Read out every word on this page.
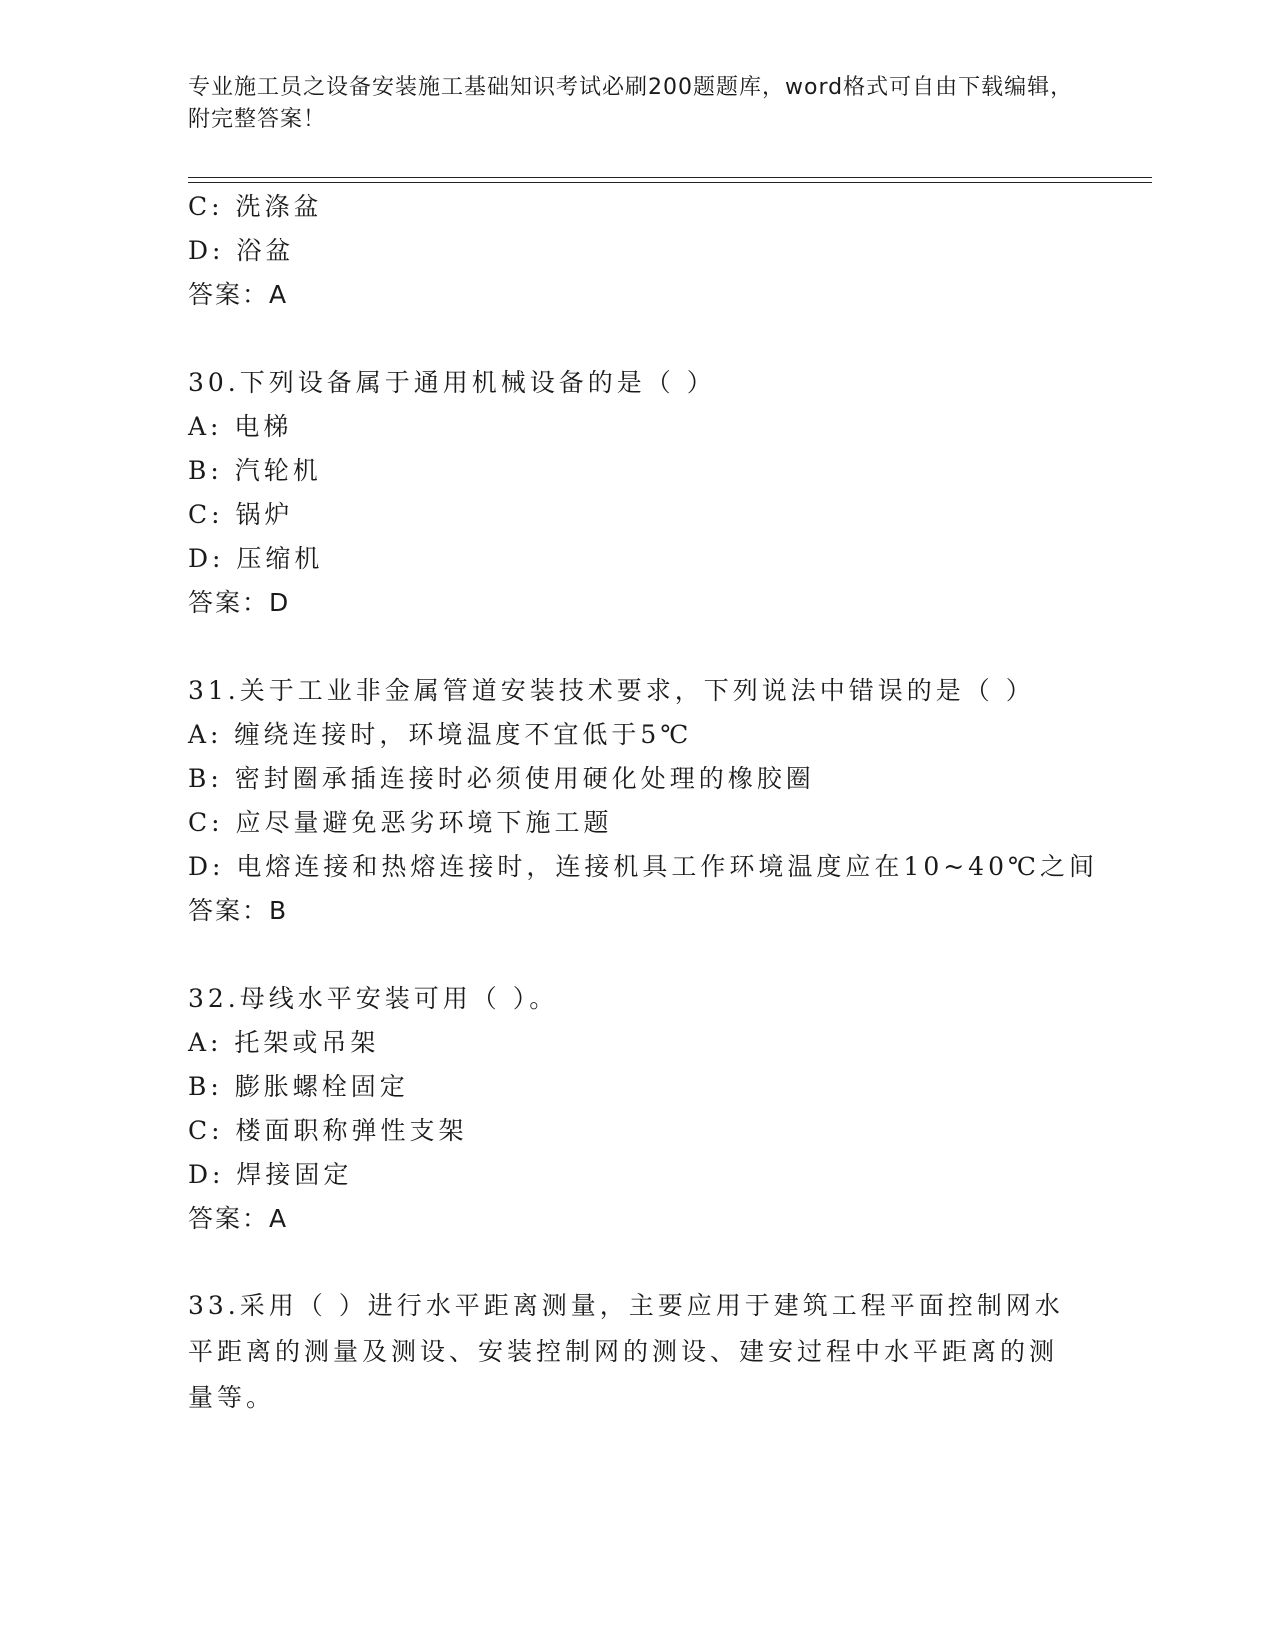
专业施工员之设备安装施工基础知识考试必刷200题题库，word格式可自由下载编辑，附完整答案！
C: 洗涤盆
D: 浴盆
答案：A
30.下列设备属于通用机械设备的是（ ）
A: 电梯
B: 汽轮机
C: 锅炉
D: 压缩机
答案：D
31.关于工业非金属管道安装技术要求，下列说法中错误的是（ ）
A: 缠绕连接时，环境温度不宜低于5℃
B: 密封圈承插连接时必须使用硬化处理的橡胶圈
C: 应尽量避免恶劣环境下施工题
D: 电熔连接和热熔连接时，连接机具工作环境温度应在10~40℃之间
答案：B
32.母线水平安装可用（ ）。
A: 托架或吊架
B: 膨胀螺栓固定
C: 楼面职称弹性支架
D: 焊接固定
答案：A
33.采用（ ）进行水平距离测量，主要应用于建筑工程平面控制网水平距离的测量及测设、安装控制网的测设、建安过程中水平距离的测量等。
